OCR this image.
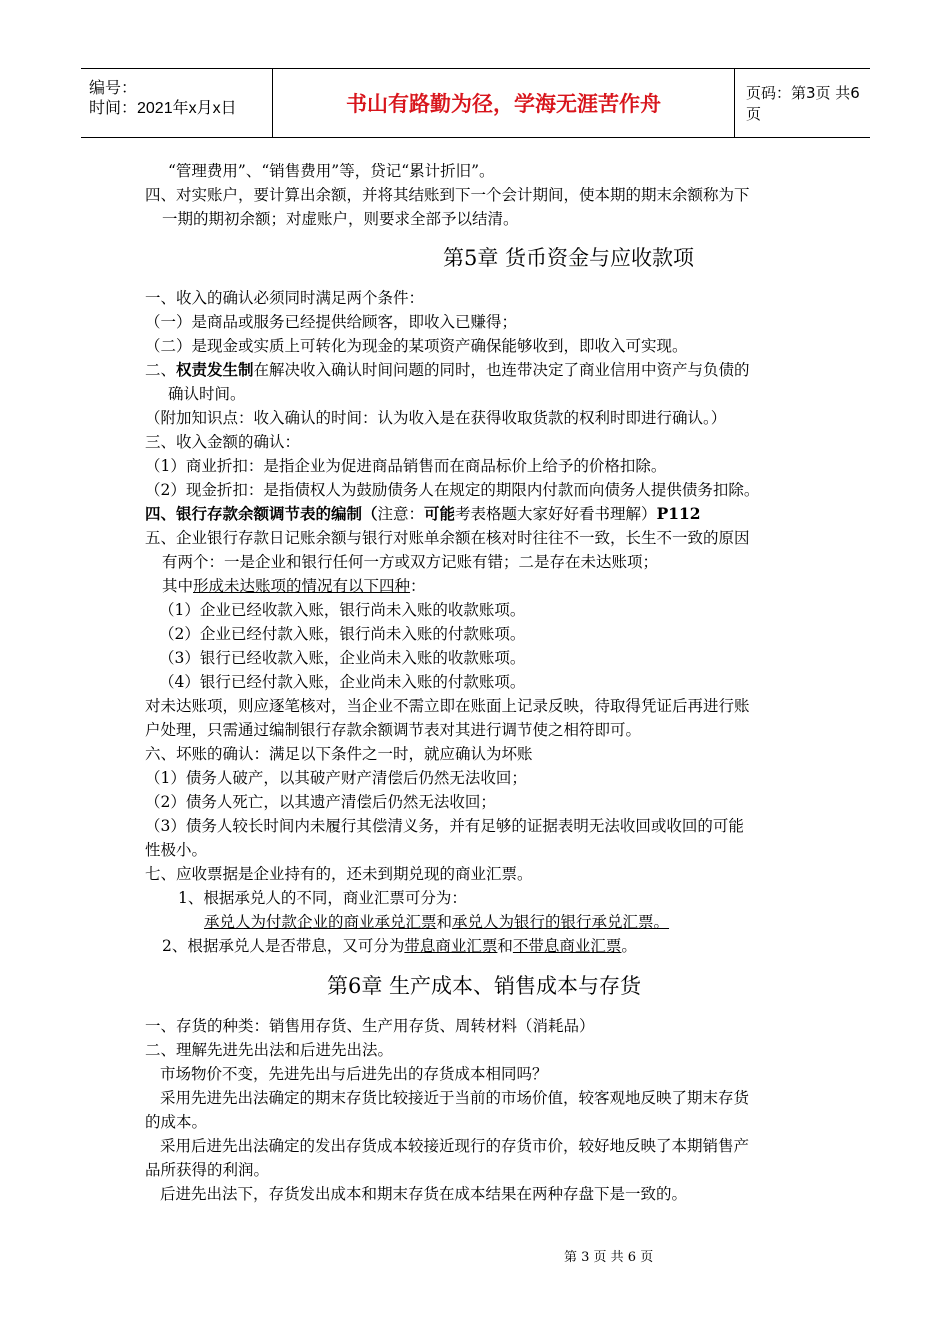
编号：
时间：2021年x月x日	书山有路勤为径，学海无涯苦作舟	页码：第3页 共6页
“管理费用”、“销售费用”等，贷记“累计折旧”。
四、对实账户，要计算出余额，并将其结账到下一个会计期间，使本期的期末余额称为下
一期的期初余额；对虚账户，则要求全部予以结清。
第5章 货币资金与应收款项
一、收入的确认必须同时满足两个条件：
（一）是商品或服务已经提供给顾客，即收入已赚得；
（二）是现金或实质上可转化为现金的某项资产确保能够收到，即收入可实现。
二、权责发生制在解决收入确认时间问题的同时，也连带决定了商业信用中资产与负债的
确认时间。
（附加知识点：收入确认的时间：认为收入是在获得收取货款的权利时即进行确认。）
三、收入金额的确认：
（1）商业折扣：是指企业为促进商品销售而在商品标价上给予的价格扣除。
（2）现金折扣：是指债权人为鼓励债务人在规定的期限内付款而向债务人提供债务扣除。
四、银行存款余额调节表的编制（注意：可能考表格题大家好好看书理解）P112
五、企业银行存款日记账余额与银行对账单余额在核对时往往不一致，长生不一致的原因
有两个：一是企业和银行任何一方或双方记账有错；二是存在未达账项；
其中形成未达账项的情况有以下四种：
（1）企业已经收款入账，银行尚未入账的收款账项。
（2）企业已经付款入账，银行尚未入账的付款账项。
（3）银行已经收款入账，企业尚未入账的收款账项。
（4）银行已经付款入账，企业尚未入账的付款账项。
对未达账项，则应逐笔核对，当企业不需立即在账面上记录反映，待取得凭证后再进行账
户处理，只需通过编制银行存款余额调节表对其进行调节使之相符即可。
六、坏账的确认：满足以下条件之一时，就应确认为坏账
（1）债务人破产，以其破产财产清偿后仍然无法收回；
（2）债务人死亡，以其遗产清偿后仍然无法收回；
（3）债务人较长时间内未履行其偿清义务，并有足够的证据表明无法收回或收回的可能
性极小。
七、应收票据是企业持有的，还未到期兑现的商业汇票。
1、根据承兑人的不同，商业汇票可分为：
承兑人为付款企业的商业承兑汇票和承兑人为银行的银行承兑汇票。
2、根据承兑人是否带息，又可分为带息商业汇票和不带息商业汇票。
第6章 生产成本、销售成本与存货
一、存货的种类：销售用存货、生产用存货、周转材料（消耗品）
二、理解先进先出法和后进先出法。
市场物价不变，先进先出与后进先出的存货成本相同吗？
采用先进先出法确定的期末存货比较接近于当前的市场价值，较客观地反映了期末存货
的成本。
采用后进先出法确定的发出存货成本较接近现行的存货市价，较好地反映了本期销售产
品所获得的利润。
后进先出法下，存货发出成本和期末存货在成本结果在两种存盘下是一致的。
第 3 页 共 6 页
